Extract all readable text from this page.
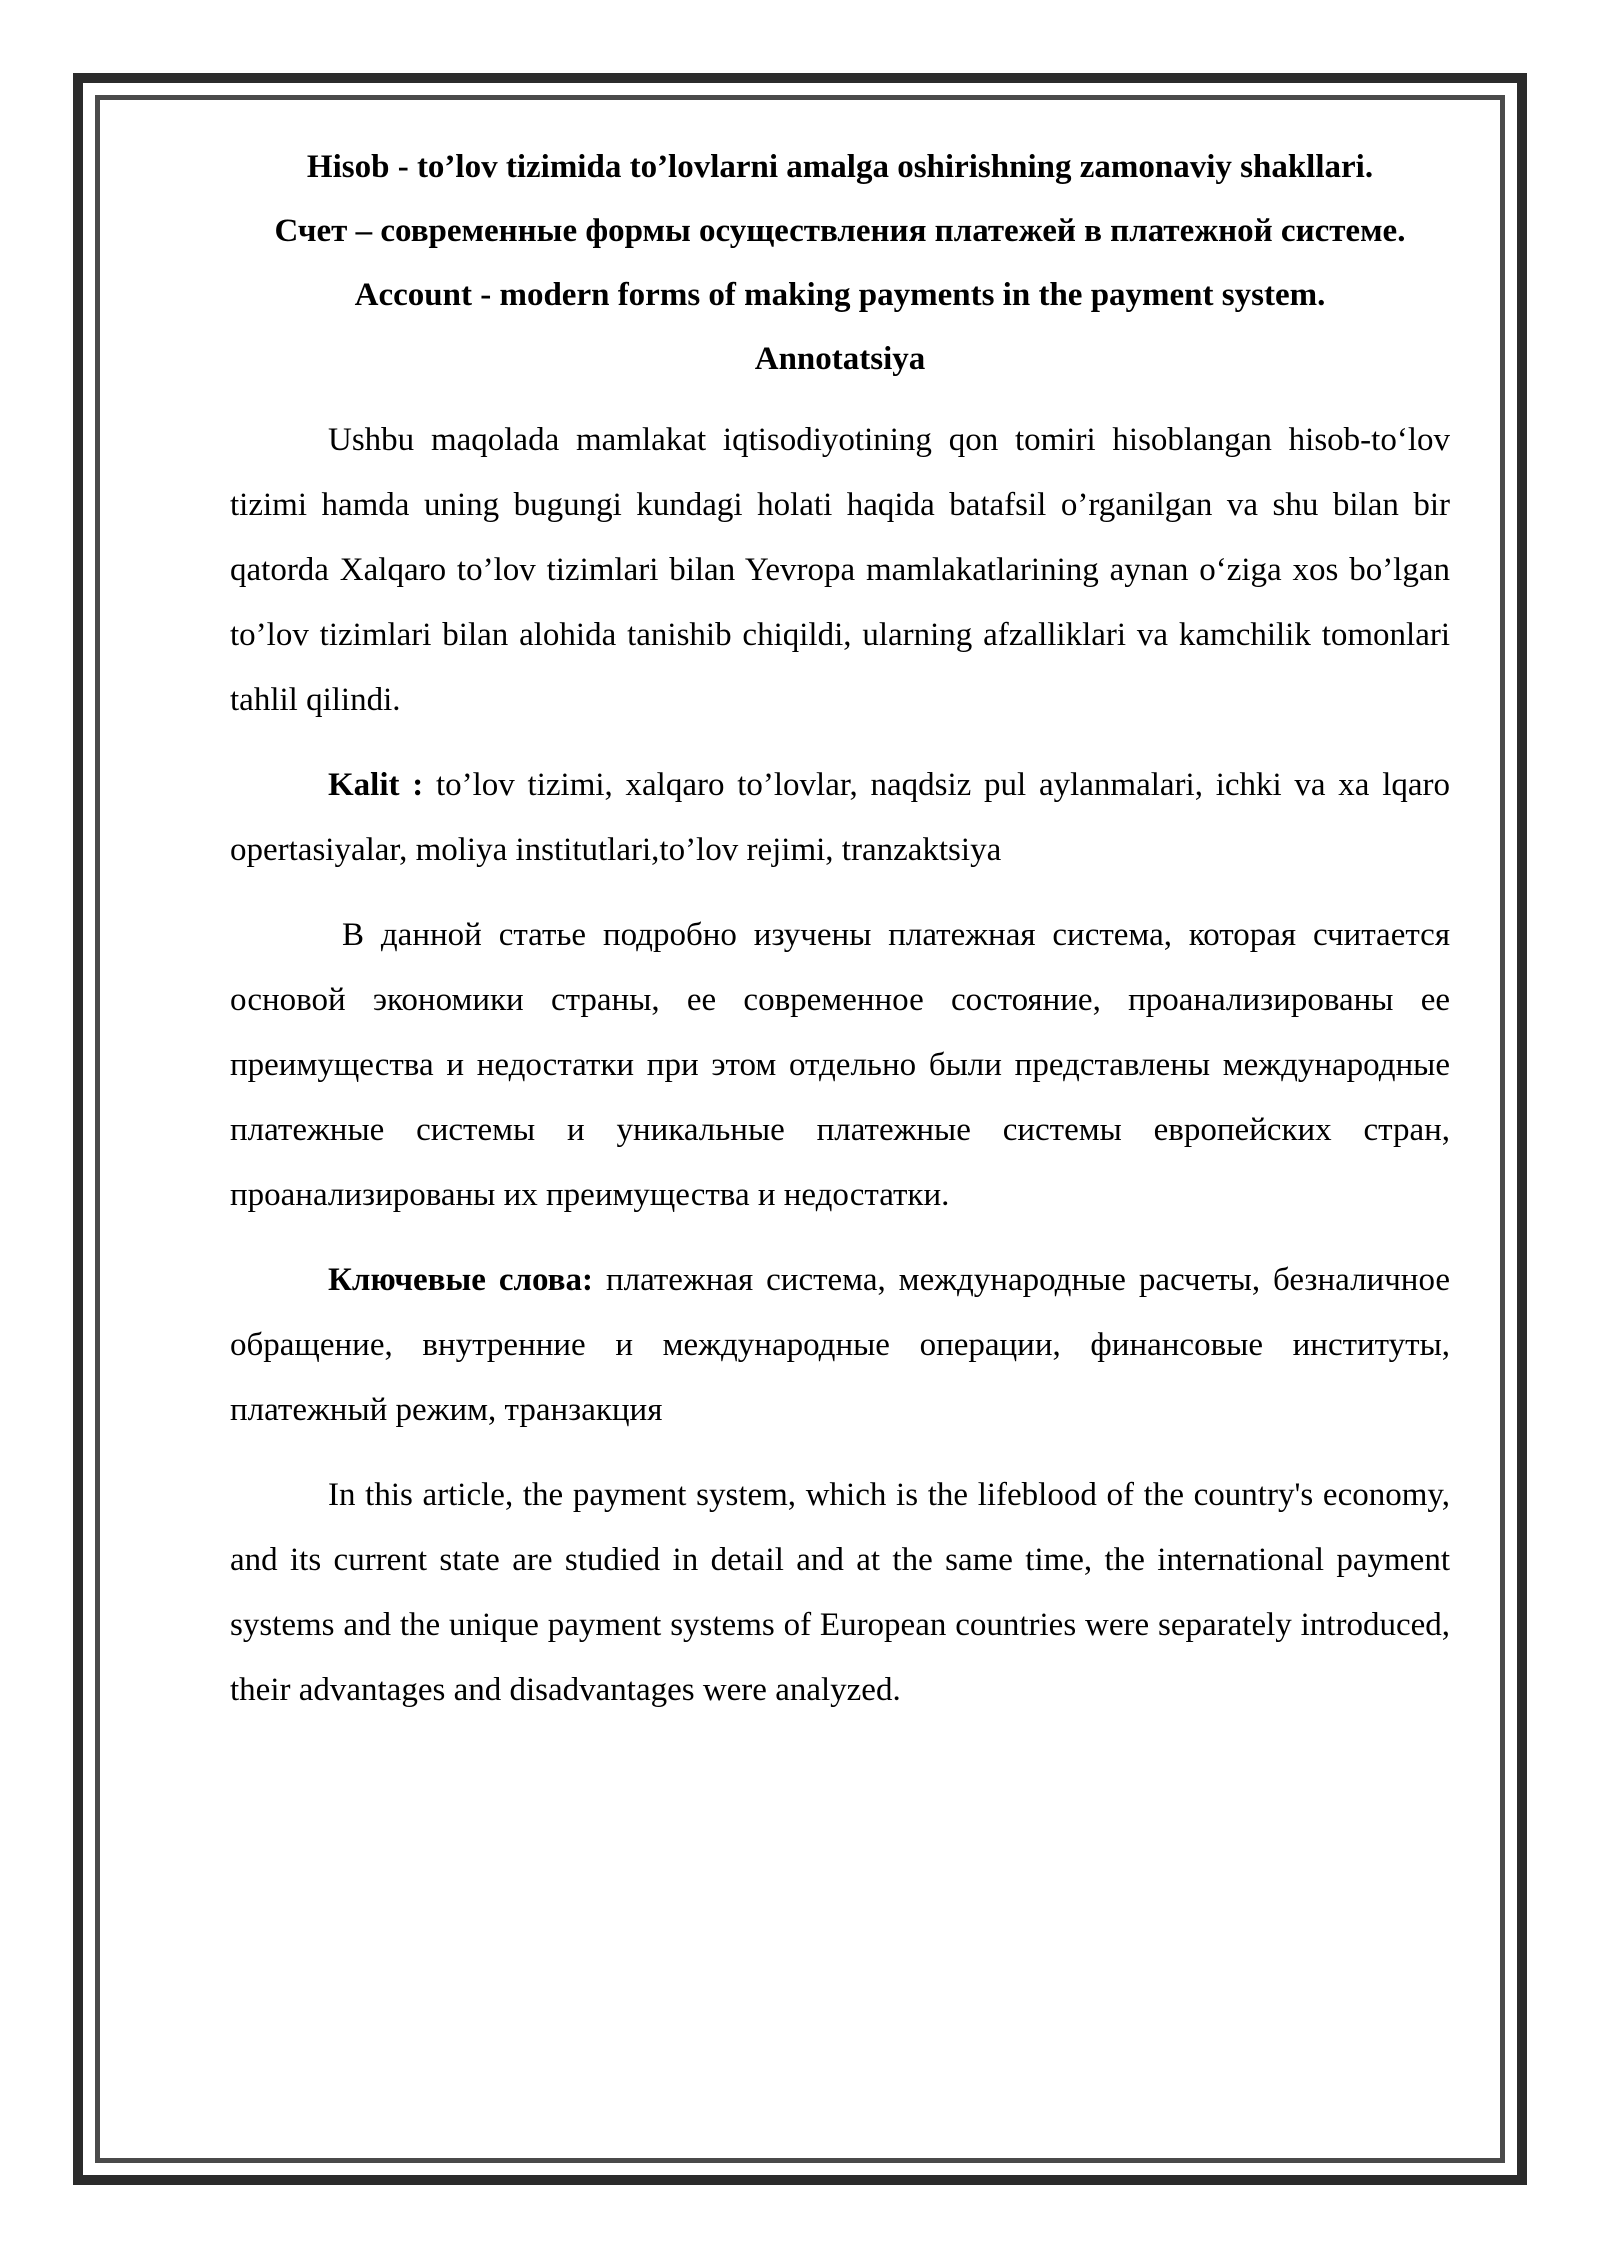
Hisob - to’lov tizimida to’lovlarni amalga oshirishning zamonaviy shakllari.
Счет – современные формы осуществления платежей в платежной системе.
Account - modern forms of making payments in the payment system.
Annotatsiya

Ushbu maqolada mamlakat iqtisodiyotining qon tomiri hisoblangan hisob-to‘lov tizimi hamda uning bugungi kundagi holati haqida batafsil o’rganilgan va shu bilan bir qatorda Xalqaro to’lov tizimlari bilan Yevropa mamlakatlarining aynan o‘ziga xos bo’lgan to’lov tizimlari bilan alohida tanishib chiqildi, ularning afzalliklari va kamchilik tomonlari tahlil qilindi.

Kalit : to’lov tizimi, xalqaro to’lovlar, naqdsiz pul aylanmalari, ichki va xa lqaro opertasiyalar, moliya institutlari,to’lov rejimi, tranzaktsiya

В данной статье подробно изучены платежная система, которая считается основой экономики страны, ее современное состояние, проанализированы ее преимущества и недостатки при этом отдельно были представлены международные платежные системы и уникальные платежные системы европейских стран, проанализированы их преимущества и недостатки.

Ключевые слова: платежная система, международные расчеты, безналичное обращение, внутренние и международные операции, финансовые институты, платежный режим, транзакция

In this article, the payment system, which is the lifeblood of the country's economy, and its current state are studied in detail and at the same time, the international payment systems and the unique payment systems of European countries were separately introduced, their advantages and disadvantages were analyzed.
